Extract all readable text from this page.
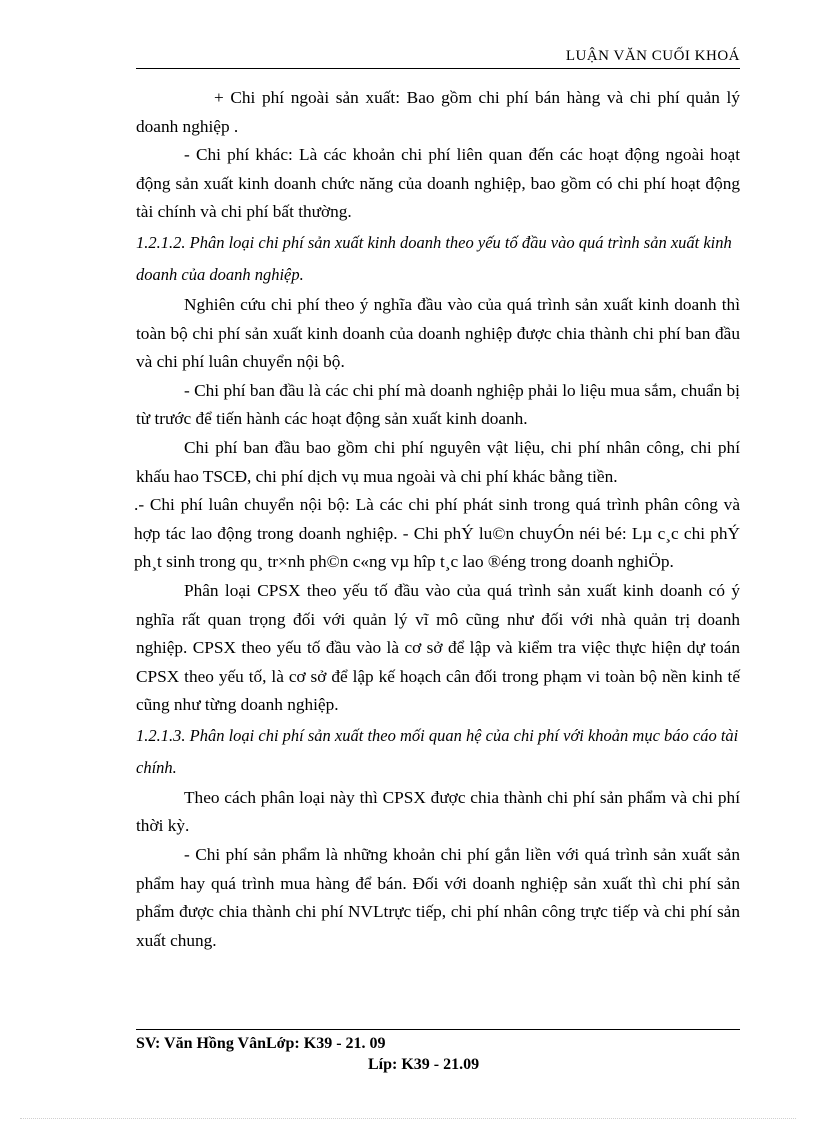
LUẬN VĂN CUỐI KHOÁ

+ Chi phí ngoài sản xuất: Bao gồm chi phí bán hàng và chi phí quản lý doanh nghiệp .

- Chi phí khác: Là các khoản chi phí liên quan đến các hoạt động ngoài hoạt động sản xuất kinh doanh chức năng của doanh nghiệp, bao gồm có chi phí hoạt động tài chính và chi phí bất thường.

1.2.1.2. Phân loại chi phí sản xuất kinh doanh theo yếu tố đầu vào quá trình sản xuất kinh doanh của doanh nghiệp.

Nghiên cứu chi phí theo ý nghĩa đầu vào của quá trình sản xuất kinh doanh thì toàn bộ chi phí sản xuất kinh doanh của doanh nghiệp được chia thành chi phí ban đầu và chi phí luân chuyển nội bộ.

- Chi phí ban đầu là các chi phí mà doanh nghiệp phải lo liệu mua sắm, chuẩn bị từ trước để tiến hành các hoạt động sản xuất kinh doanh.

Chi phí ban đầu bao gồm chi phí nguyên vật liệu, chi phí nhân công, chi phí khấu hao TSCĐ, chi phí dịch vụ mua ngoài và chi phí khác bằng tiền.

.- Chi phí luân chuyển nội bộ: Là các chi phí phát sinh trong quá trình phân công và hợp tác lao động trong doanh nghiệp. - Chi phÝ lu©n chuyÓn néi bé: Lµ c¸c chi phÝ ph¸t sinh trong qu¸ tr×nh ph©n c«ng vµ hîp t¸c lao ®éng trong doanh nghiÖp.

Phân loại CPSX theo yếu tố đầu vào của quá trình sản xuất kinh doanh có ý nghĩa rất quan trọng đối với quản lý vĩ mô cũng như đối với nhà quản trị doanh nghiệp. CPSX theo yếu tố đầu vào là cơ sở để lập và kiểm tra việc thực hiện dự toán CPSX theo yếu tố, là cơ sở để lập kế hoạch cân đối trong phạm vi toàn bộ nền kinh tế cũng như từng doanh nghiệp.

1.2.1.3. Phân loại chi phí sản xuất theo mối quan hệ của chi phí với khoản mục báo cáo tài chính.

Theo cách phân loại này thì CPSX được chia thành chi phí sản phẩm và chi phí thời kỳ.

- Chi phí sản phẩm là những khoản chi phí gắn liền với quá trình sản xuất sản phẩm hay quá trình mua hàng để bán. Đối với doanh nghiệp sản xuất thì chi phí sản phẩm được chia thành chi phí NVLtrực tiếp, chi phí nhân công trực tiếp và chi phí sản xuất chung.

SV: Văn Hồng VânLớp: K39 - 21. 09
Líp: K39 - 21.09
